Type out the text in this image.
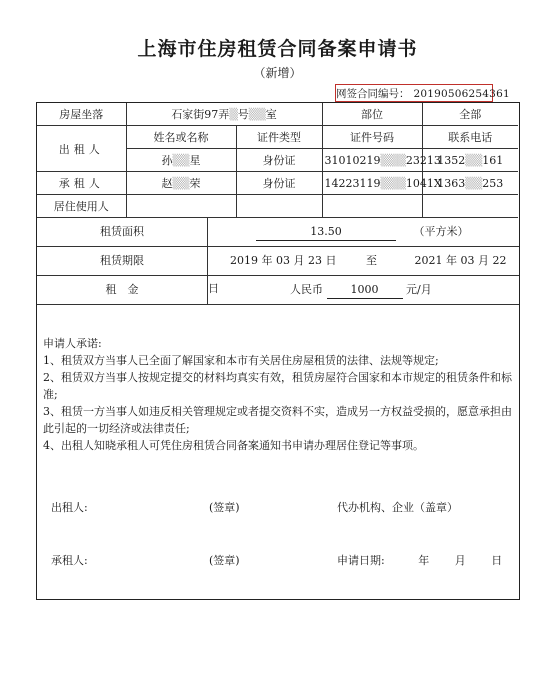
上海市住房租赁合同备案申请书
（新增）
网签合同编号： 20190506254361
房屋坐落	石家街97弄▒号▒▒室		部位	全部
出租人	姓名或名称	证件类型	证件号码	联系电话
	孙▒▒星	身份证	31010219▒▒▒23213	1352▒▒161
承租人	赵▒▒荣	身份证	14223119▒▒▒1041X	1363▒▒253
居住使用人				
租赁面积	13.50	（平方米）
租赁期限	2019 年 03 月 23 日	至	2021 年 03 月 22 日
租　金	人民币	1000	元/月

申请人承诺:

1、租赁双方当事人已全面了解国家和本市有关居住房屋租赁的法律、法规等规定;

2、租赁双方当事人按规定提交的材料均真实有效，租赁房屋符合国家和本市规定的租赁条件和标准;

3、租赁一方当事人如违反相关管理规定或者提交资料不实，造成另一方权益受损的，愿意承担由此引起的一切经济或法律责任;

4、出租人知晓承租人可凭住房租赁合同备案通知书申请办理居住登记等事项。

出租人:	(签章)	代办机构、企业（盖章）
承租人:	(签章)	申请日期:	年 月 日
